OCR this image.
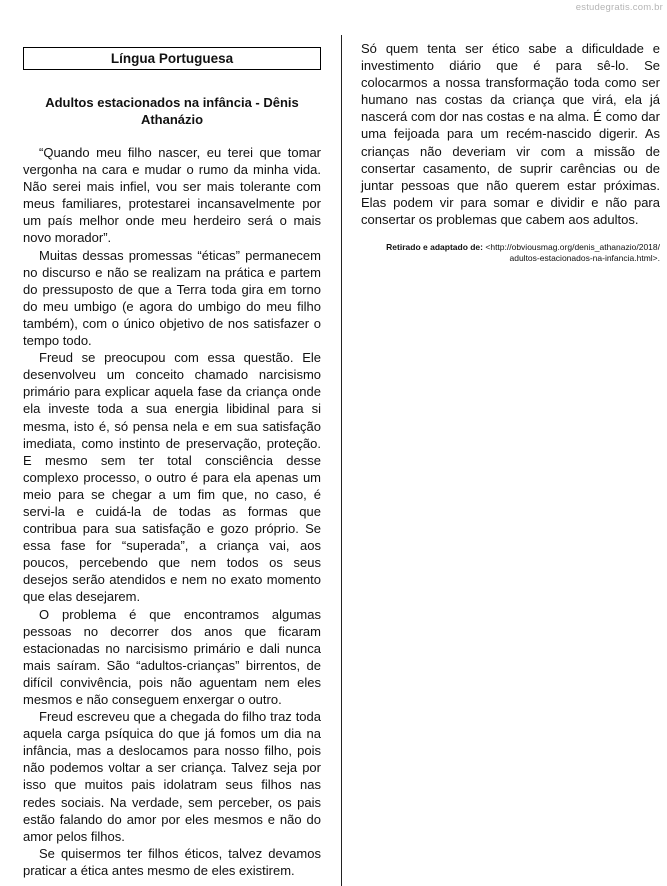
estudegratis.com.br
Língua Portuguesa
Adultos estacionados na infância - Dênis Athanázio

“Quando meu filho nascer, eu terei que tomar vergonha na cara e mudar o rumo da minha vida. Não serei mais infiel, vou ser mais tolerante com meus familiares, protestarei incansavelmente por um país melhor onde meu herdeiro será o mais novo morador”.

Muitas dessas promessas “éticas” permanecem no discurso e não se realizam na prática e partem do pressuposto de que a Terra toda gira em torno do meu umbigo (e agora do umbigo do meu filho também), com o único objetivo de nos satisfazer o tempo todo.

Freud se preocupou com essa questão. Ele desenvolveu um conceito chamado narcisismo primário para explicar aquela fase da criança onde ela investe toda a sua energia libidinal para si mesma, isto é, só pensa nela e em sua satisfação imediata, como instinto de preservação, proteção. E mesmo sem ter total consciência desse complexo processo, o outro é para ela apenas um meio para se chegar a um fim que, no caso, é servi-la e cuidá-la de todas as formas que contribua para sua satisfação e gozo próprio. Se essa fase for “superada”, a criança vai, aos poucos, percebendo que nem todos os seus desejos serão atendidos e nem no exato momento que elas desejarem.

O problema é que encontramos algumas pessoas no decorrer dos anos que ficaram estacionadas no narcisismo primário e dali nunca mais saíram. São “adultos-crianças” birrentos, de difícil convivência, pois não aguentam nem eles mesmos e não conseguem enxergar o outro.

Freud escreveu que a chegada do filho traz toda aquela carga psíquica do que já fomos um dia na infância, mas a deslocamos para nosso filho, pois não podemos voltar a ser criança. Talvez seja por isso que muitos pais idolatram seus filhos nas redes sociais. Na verdade, sem perceber, os pais estão falando do amor por eles mesmos e não do amor pelos filhos.

Se quisermos ter filhos éticos, talvez devamos praticar a ética antes mesmo de eles existirem.

Só quem tenta ser ético sabe a dificuldade e investimento diário que é para sê-lo. Se colocarmos a nossa transformação toda como ser humano nas costas da criança que virá, ela já nascerá com dor nas costas e na alma. É como dar uma feijoada para um recém-nascido digerir. As crianças não deveriam vir com a missão de consertar casamento, de suprir carências ou de juntar pessoas que não querem estar próximas. Elas podem vir para somar e dividir e não para consertar os problemas que cabem aos adultos.

Retirado e adaptado de: <http://obviousmag.org/denis_athanazio/2018/ adultos-estacionados-na-infancia.html>.
